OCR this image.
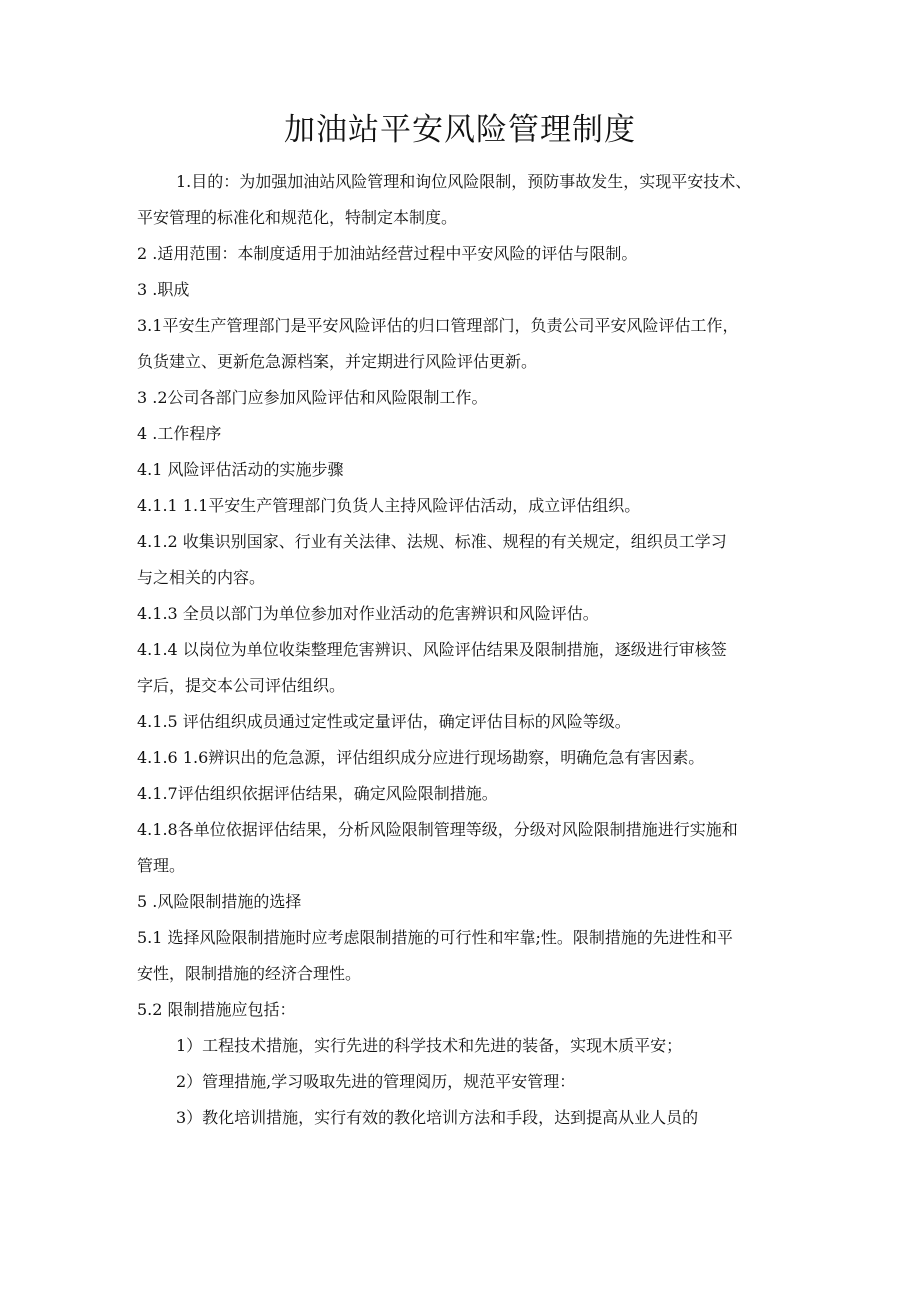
加油站平安风险管理制度
1.目的：为加强加油站风险管理和询位风险限制，预防事故发生，实现平安技术、
平安管理的标准化和规范化，特制定本制度。
2 .适用范围：本制度适用于加油站经营过程中平安风险的评估与限制。
3 .职成
3.1平安生产管理部门是平安风险评估的归口管理部门，负责公司平安风险评估工作，
负货建立、更新危急源档案，并定期进行风险评估更新。
3 .2公司各部门应参加风险评估和风险限制工作。
4 .工作程序
4.1 风险评估活动的实施步骤
4.1.1 1.1平安生产管理部门负货人主持风险评估活动，成立评估组织。
4.1.2 收集识别国家、行业有关法律、法规、标准、规程的有关规定，组织员工学习
与之相关的内容。
4.1.3 全员以部门为单位参加对作业活动的危害辨识和风险评估。
4.1.4 以岗位为单位收柒整理危害辨识、风险评估结果及限制措施，逐级进行审核签
字后，提交本公司评估组织。
4.1.5 评估组织成员通过定性或定量评估，确定评估目标的风险等级。
4.1.6 1.6辨识出的危急源，评估组织成分应进行现场勘察，明确危急有害因素。
4.1.7评估组织依据评估结果，确定风险限制措施。
4.1.8各单位依据评估结果，分析风险限制管理等级，分级对风险限制措施进行实施和
管理。
5 .风险限制措施的选择
5.1 选择风险限制措施时应考虑限制措施的可行性和牢靠;性。限制措施的先进性和平
安性，限制措施的经济合理性。
5.2 限制措施应包括：
1）工程技术措施，实行先进的科学技术和先进的装备，实现木质平安；
2）管理措施,学习吸取先进的管理阅历，规范平安管理：
3）教化培训措施，实行有效的教化培训方法和手段，达到提高从业人员的
